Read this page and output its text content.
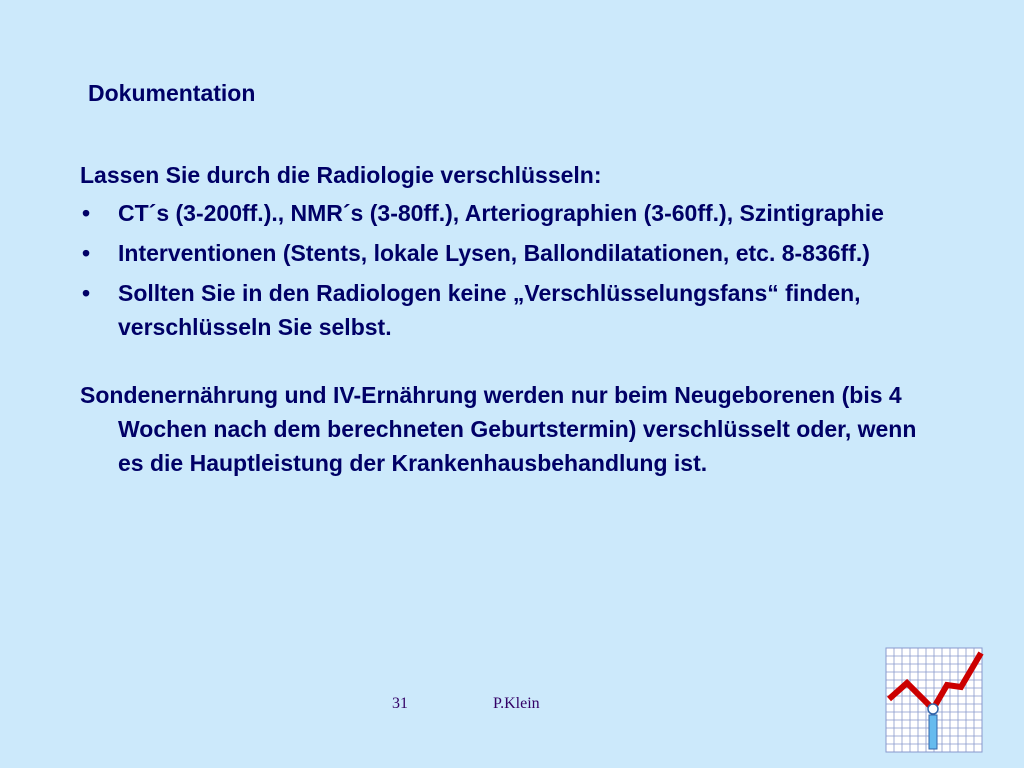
Dokumentation
Lassen Sie durch die Radiologie verschlüsseln:
• CT´s (3-200ff.)., NMR´s (3-80ff.), Arteriographien (3-60ff.), Szintigraphie
• Interventionen (Stents, lokale Lysen, Ballondilatationen, etc. 8-836ff.)
• Sollten Sie in den Radiologen keine „Verschlüsselungsfans“ finden, verschlüsseln Sie selbst.
Sondenernährung und IV-Ernährung werden nur beim Neugeborenen (bis 4 Wochen nach dem berechneten Geburtstermin) verschlüsselt oder, wenn es die Hauptleistung der Krankenhausbehandlung ist.
31	P.Klein
